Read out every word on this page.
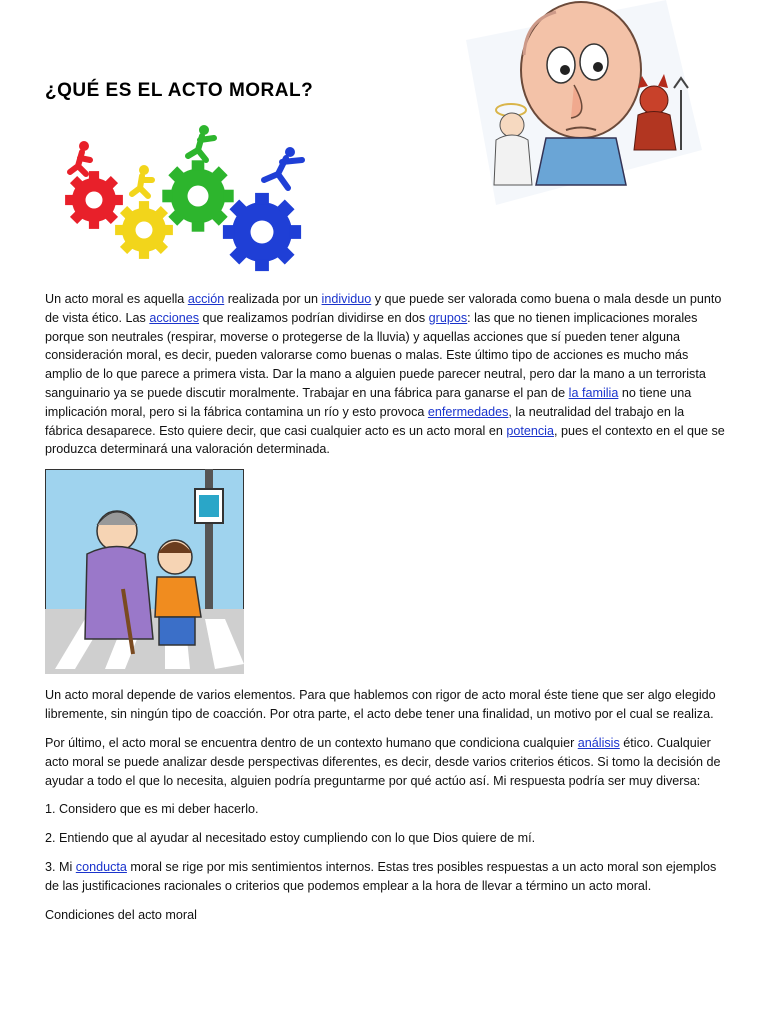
¿QUÉ ES EL ACTO MORAL?

Un acto moral es aquella acción realizada por un individuo y que puede ser valorada como buena o mala desde un punto de vista ético. Las acciones que realizamos podrían dividirse en dos grupos: las que no tienen implicaciones morales porque son neutrales (respirar, moverse o protegerse de la lluvia) y aquellas acciones que sí pueden tener alguna consideración moral, es decir, pueden valorarse como buenas o malas. Este último tipo de acciones es mucho más amplio de lo que parece a primera vista. Dar la mano a alguien puede parecer neutral, pero dar la mano a un terrorista sanguinario ya se puede discutir moralmente. Trabajar en una fábrica para ganarse el pan de la familia no tiene una implicación moral, pero si la fábrica contamina un río y esto provoca enfermedades, la neutralidad del trabajo en la fábrica desaparece. Esto quiere decir, que casi cualquier acto es un acto moral en potencia, pues el contexto en el que se produzca determinará una valoración determinada.

Un acto moral depende de varios elementos. Para que hablemos con rigor de acto moral éste tiene que ser algo elegido libremente, sin ningún tipo de coacción. Por otra parte, el acto debe tener una finalidad, un motivo por el cual se realiza.

Por último, el acto moral se encuentra dentro de un contexto humano que condiciona cualquier análisis ético. Cualquier acto moral se puede analizar desde perspectivas diferentes, es decir, desde varios criterios éticos. Si tomo la decisión de ayudar a todo el que lo necesita, alguien podría preguntarme por qué actúo así. Mi respuesta podría ser muy diversa:

1. Considero que es mi deber hacerlo.

2. Entiendo que al ayudar al necesitado estoy cumpliendo con lo que Dios quiere de mí.

3. Mi conducta moral se rige por mis sentimientos internos. Estas tres posibles respuestas a un acto moral son ejemplos de las justificaciones racionales o criterios que podemos emplear a la hora de llevar a término un acto moral.

Condiciones del acto moral
